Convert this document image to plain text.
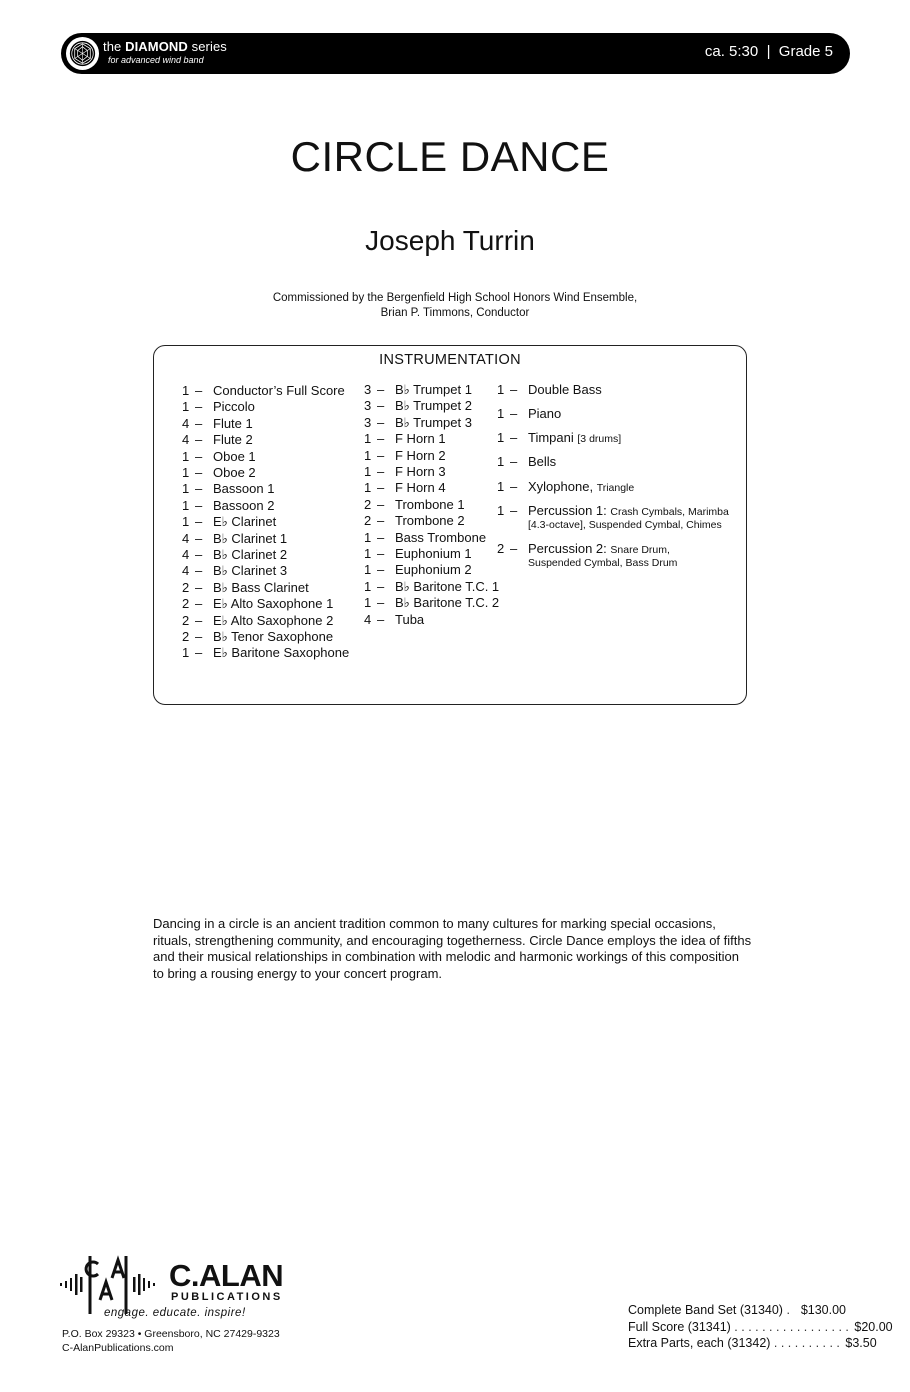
the DIAMOND series
for advanced wind band	ca. 5:30  |  Grade 5
CIRCLE DANCE
Joseph Turrin
Commissioned by the Bergenfield High School Honors Wind Ensemble,
Brian P. Timmons, Conductor
INSTRUMENTATION
1 – Conductor’s Full Score
1 – Piccolo
4 – Flute 1
4 – Flute 2
1 – Oboe 1
1 – Oboe 2
1 – Bassoon 1
1 – Bassoon 2
1 – E♭ Clarinet
4 – B♭ Clarinet 1
4 – B♭ Clarinet 2
4 – B♭ Clarinet 3
2 – B♭ Bass Clarinet
2 – E♭ Alto Saxophone 1
2 – E♭ Alto Saxophone 2
2 – B♭ Tenor Saxophone
1 – E♭ Baritone Saxophone
3 – B♭ Trumpet 1
3 – B♭ Trumpet 2
3 – B♭ Trumpet 3
1 – F Horn 1
1 – F Horn 2
1 – F Horn 3
1 – F Horn 4
2 – Trombone 1
2 – Trombone 2
1 – Bass Trombone
1 – Euphonium 1
1 – Euphonium 2
1 – B♭ Baritone T.C. 1
1 – B♭ Baritone T.C. 2
4 – Tuba
1 – Double Bass
1 – Piano
1 – Timpani [3 drums]
1 – Bells
1 – Xylophone, Triangle
1 – Percussion 1: Crash Cymbals, Marimba
[4.3-octave], Suspended Cymbal, Chimes
2 – Percussion 2: Snare Drum,
Suspended Cymbal, Bass Drum
Dancing in a circle is an ancient tradition common to many cultures for marking special occasions, rituals, strengthening community, and encouraging togetherness. Circle Dance employs the idea of fifths and their musical relationships in combination with melodic and harmonic workings of this composition to bring a rousing energy to your concert program.
C.ALAN
PUBLICATIONS
engage. educate. inspire!
P.O. Box 29323 • Greensboro, NC 27429-9323
C-AlanPublications.com
Complete Band Set (31340) . $130.00
Full Score (31341) . . . . . . . . . . . . . . . . . $20.00
Extra Parts, each (31342) . . . . . . . . . . $3.50
